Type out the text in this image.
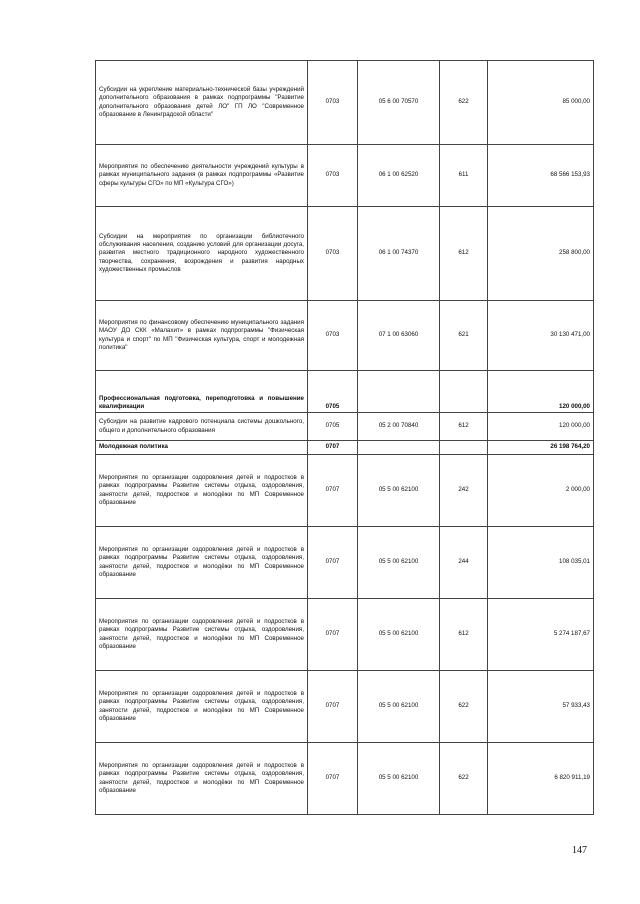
Субсидии на укрепление материально-технической базы учреждений дополнительного образования в рамках подпрограммы "Развитие дополнительного образования детей ЛО" ГП ЛО "Современное образование в Ленинградской области"	0703	05 6 00 70570	622	85 000,00
Мероприятия по обеспечению деятельности учреждений культуры в рамках муниципального задания (в рамках подпрограммы «Развитие сферы культуры СГО» по МП «Культура СГО»)	0703	06 1 00 62520	611	68 566 153,93
Субсидии на мероприятия по организации библиотечного обслуживания населения, созданию условий для организации досуга, развития местного традиционного народного художественного творчества, сохранения, возрождения и развития народных художественных промыслов	0703	06 1 00 74370	612	258 800,00
Мероприятия по финансовому обеспечению муниципального задания МАОУ ДО СКК «Малахит» в рамках подпрограммы "Физическая культура и спорт" по МП "Физическая культура, спорт и молодежная политика"	0703	07 1 00 63060	621	30 130 471,00
Профессиональная подготовка, переподготовка и повышение квалификации	0705			120 000,00
Субсидии на развитие кадрового потенциала системы дошкольного, общего и дополнительного образования	0705	05 2 00 70840	612	120 000,00
Молодежная политика	0707			26 198 764,20
Мероприятия по организации оздоровления детей и подростков в рамках подпрограммы Развитие системы отдыха, оздоровления, занятости детей, подростков и молодёжи по МП Современное образование	0707	05 5 00 62100	242	2 000,00
Мероприятия по организации оздоровления детей и подростков в рамках подпрограммы Развитие системы отдыха, оздоровления, занятости детей, подростков и молодёжи по МП Современное образование	0707	05 5 00 62100	244	108 035,01
Мероприятия по организации оздоровления детей и подростков в рамках подпрограммы Развитие системы отдыха, оздоровления, занятости детей, подростков и молодёжи по МП Современное образование	0707	05 5 00 62100	612	5 274 187,67
Мероприятия по организации оздоровления детей и подростков в рамках подпрограммы Развитие системы отдыха, оздоровления, занятости детей, подростков и молодёжи по МП Современное образование	0707	05 5 00 62100	622	57 933,43
Мероприятия по организации оздоровления детей и подростков в рамках подпрограммы Развитие системы отдыха, оздоровления, занятости детей, подростков и молодёжи по МП Современное образование	0707	05 5 00 62100	622	6 820 911,19
147
